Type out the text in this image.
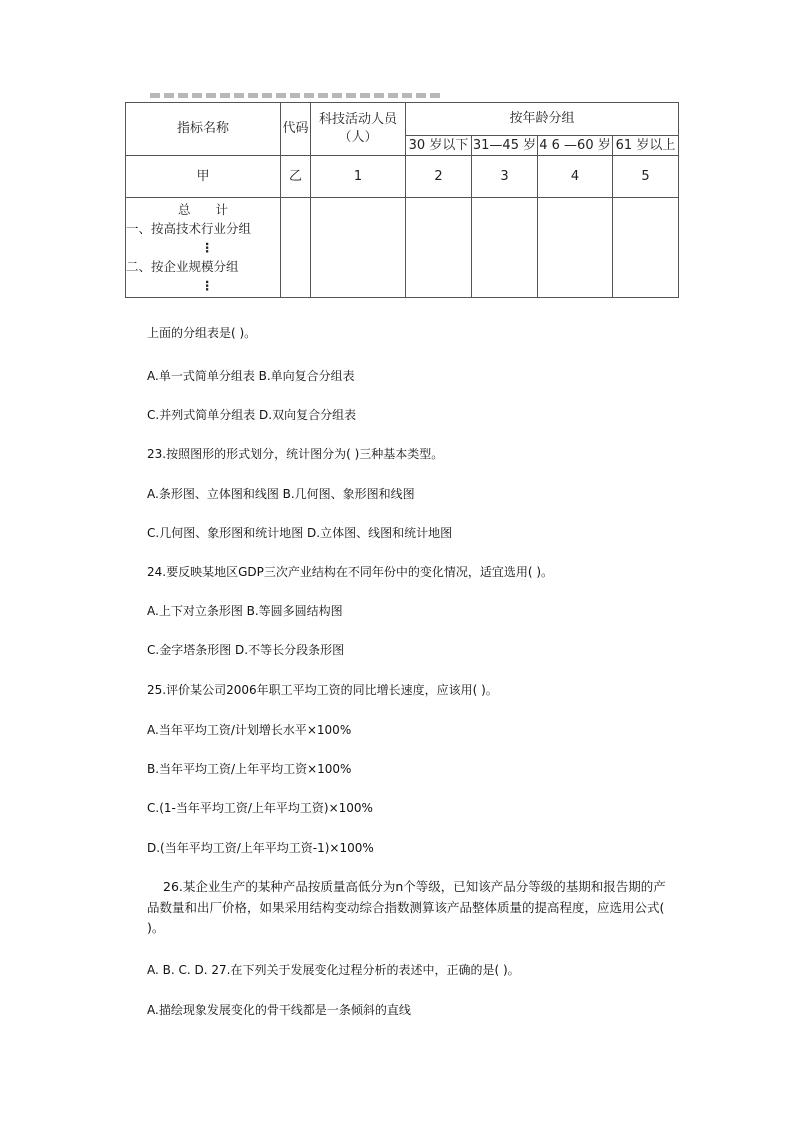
指标名称	代码	科技活动人员（人）	按年龄分组			
			30 岁以下	31—45 岁	4 6 —60 岁	61 岁以上
甲	乙	1	2	3	4	5

总　　计
一、按高技术行业分组
⋮
二、按企业规模分组
⋮						

上面的分组表是( )。
A.单一式简单分组表 B.单向复合分组表
C.并列式简单分组表 D.双向复合分组表
23.按照图形的形式划分，统计图分为( )三种基本类型。
A.条形图、立体图和线图 B.几何图、象形图和线图
C.几何图、象形图和统计地图 D.立体图、线图和统计地图
24.要反映某地区GDP三次产业结构在不同年份中的变化情况，适宜选用( )。
A.上下对立条形图 B.等圆多圆结构图
C.金字塔条形图 D.不等长分段条形图
25.评价某公司2006年职工平均工资的同比增长速度，应该用( )。
A.当年平均工资/计划增长水平×100%
B.当年平均工资/上年平均工资×100%
C.(1-当年平均工资/上年平均工资)×100%
D.(当年平均工资/上年平均工资-1)×100%
26.某企业生产的某种产品按质量高低分为n个等级，已知该产品分等级的基期和报告期的产品数量和出厂价格，如果采用结构变动综合指数测算该产品整体质量的提高程度，应选用公式( )。
A. B. C. D. 27.在下列关于发展变化过程分析的表述中，正确的是( )。
A.描绘现象发展变化的骨干线都是一条倾斜的直线
